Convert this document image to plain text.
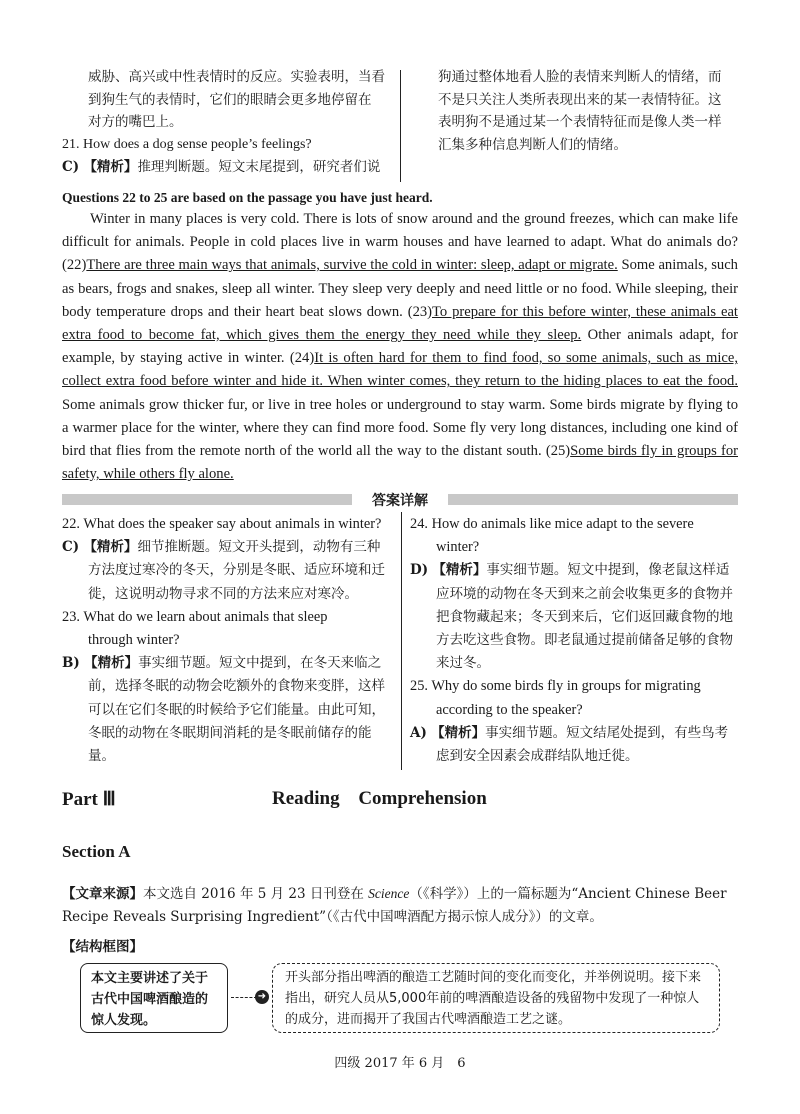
威胁、高兴或中性表情时的反应。实验表明，当看
到狗生气的表情时，它们的眼睛会更多地停留在
对方的嘴巴上。
21. How does a dog sense people’s feelings?
C) 【精析】推理判断题。短文末尾提到，研究者们说
狗通过整体地看人脸的表情来判断人的情绪，而
不是只关注人类所表现出来的某一表情特征。这
表明狗不是通过某一个表情特征而是像人类一样
汇集多种信息判断人们的情绪。
Questions 22 to 25 are based on the passage you have just heard.
Winter in many places is very cold. There is lots of snow around and the ground freezes, which can make life difficult for animals. People in cold places live in warm houses and have learned to adapt. What do animals do? (22)There are three main ways that animals, survive the cold in winter: sleep, adapt or migrate. Some animals, such as bears, frogs and snakes, sleep all winter. They sleep very deeply and need little or no food. While sleeping, their body temperature drops and their heart beat slows down. (23)To prepare for this before winter, these animals eat extra food to become fat, which gives them the energy they need while they sleep. Other animals adapt, for example, by staying active in winter. (24)It is often hard for them to find food, so some animals, such as mice, collect extra food before winter and hide it. When winter comes, they return to the hiding places to eat the food. Some animals grow thicker fur, or live in tree holes or underground to stay warm. Some birds migrate by flying to a warmer place for the winter, where they can find more food. Some fly very long distances, including one kind of bird that flies from the remote north of the world all the way to the distant south. (25)Some birds fly in groups for safety, while others fly alone.
答案详解
22. What does the speaker say about animals in winter?
C) 【精析】细节推断题。短文开头提到，动物有三种方法度过寒冷的冬天，分别是冬眠、适应环境和迁徙，这说明动物寻求不同的方法来应对寒冷。
23. What do we learn about animals that sleep
through winter?
B) 【精析】事实细节题。短文中提到，在冬天来临之前，选择冬眠的动物会吃额外的食物来变胖，这样可以在它们冬眠的时候给予它们能量。由此可知，冬眠的动物在冬眠期间消耗的是冬眠前储存的能量。
24. How do animals like mice adapt to the severe
winter?
D) 【精析】事实细节题。短文中提到，像老鼠这样适应环境的动物在冬天到来之前会收集更多的食物并把食物藏起来；冬天到来后，它们返回藏食物的地方去吃这些食物。即老鼠通过提前储备足够的食物来过冬。
25. Why do some birds fly in groups for migrating
according to the speaker?
A) 【精析】事实细节题。短文结尾处提到，有些鸟考虑到安全因素会成群结队地迁徙。
Part Ⅲ	Reading Comprehension
Section A
【文章来源】本文选自 2016 年 5 月 23 日刊登在 Science（《科学》）上的一篇标题为“Ancient Chinese Beer Recipe Reveals Surprising Ingredient”（《古代中国啤酒配方揭示惊人成分》）的文章。
【结构框图】
本文主要讲述了关于古代中国啤酒酿造的惊人发现。
➜
开头部分指出啤酒的酿造工艺随时间的变化而变化，并举例说明。接下来指出，研究人员从5,000年前的啤酒酿造设备的残留物中发现了一种惊人的成分，进而揭开了我国古代啤酒酿造工艺之谜。
四级 2017 年 6 月　6
